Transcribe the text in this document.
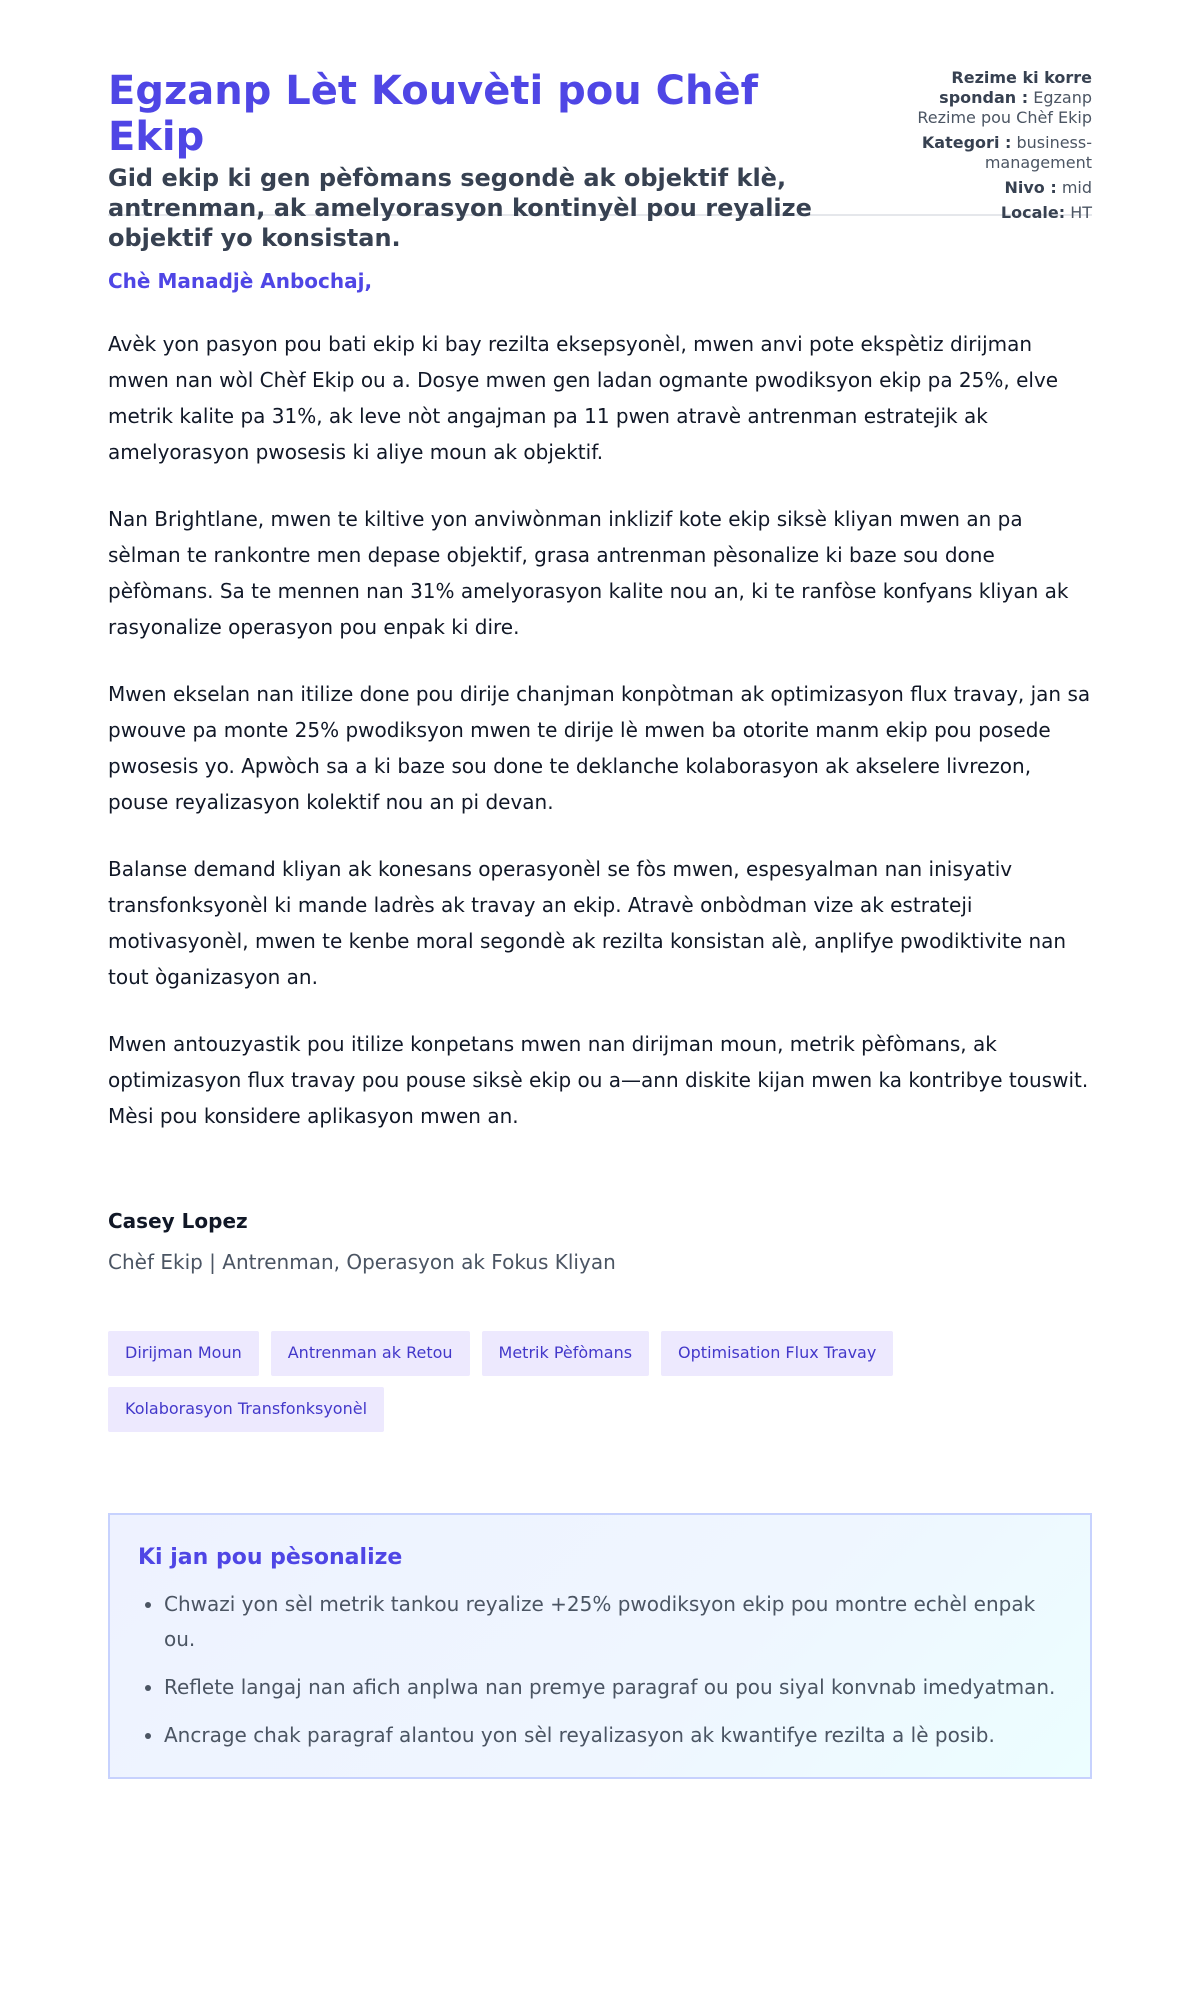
Egzanp Lèt Kouvèti pou Chèf Ekip

Gid ekip ki gen pèfòmans segondè ak objektif klè, antrenman, ak amelyorasyon kontinyèl pou reyalize objektif yo konsistan.

Rezime ki korre spondan : Egzanp Rezime pou Chèf Ekip
Kategori : business-management
Nivo : mid
Locale: HT

Chè Manadjè Anbochaj,

Avèk yon pasyon pou bati ekip ki bay rezilta eksepsyonèl, mwen anvi pote ekspètiz dirijman mwen nan wòl Chèf Ekip ou a. Dosye mwen gen ladan ogmante pwodiksyon ekip pa 25%, elve metrik kalite pa 31%, ak leve nòt angajman pa 11 pwen atravè antrenman estratejik ak amelyorasyon pwosesis ki aliye moun ak objektif.

Nan Brightlane, mwen te kiltive yon anviwònman inklizif kote ekip siksè kliyan mwen an pa sèlman te rankontre men depase objektif, grasa antrenman pèsonalize ki baze sou done pèfòmans. Sa te mennen nan 31% amelyorasyon kalite nou an, ki te ranfòse konfyans kliyan ak rasyonalize operasyon pou enpak ki dire.

Mwen ekselan nan itilize done pou dirije chanjman konpòtman ak optimizasyon flux travay, jan sa pwouve pa monte 25% pwodiksyon mwen te dirije lè mwen ba otorite manm ekip pou posede pwosesis yo. Apwòch sa a ki baze sou done te deklanche kolaborasyon ak akselere livrezon, pouse reyalizasyon kolektif nou an pi devan.

Balanse demand kliyan ak konesans operasyonèl se fòs mwen, espesyalman nan inisyativ transfonksyonèl ki mande ladrès ak travay an ekip. Atravè onbòdman vize ak estrateji motivasyonèl, mwen te kenbe moral segondè ak rezilta konsistan alè, anplifye pwodiktivite nan tout òganizasyon an.

Mwen antouzyastik pou itilize konpetans mwen nan dirijman moun, metrik pèfòmans, ak optimizasyon flux travay pou pouse siksè ekip ou a—ann diskite kijan mwen ka kontribye touswit. Mèsi pou konsidere aplikasyon mwen an.

Casey Lopez

Chèf Ekip | Antrenman, Operasyon ak Fokus Kliyan

Dirijman Moun	Antrenman ak Retou	Metrik Pèfòmans	Optimisation Flux Travay
Kolaborasyon Transfonksyonèl
Ki jan pou pèsonalize
• Chwazi yon sèl metrik tankou reyalize +25% pwodiksyon ekip pou montre echèl enpak ou.
• Reflete langaj nan afich anplwa nan premye paragraf ou pou siyal konvnab imedyatman.
• Ancrage chak paragraf alantou yon sèl reyalizasyon ak kwantifye rezilta a lè posib.
